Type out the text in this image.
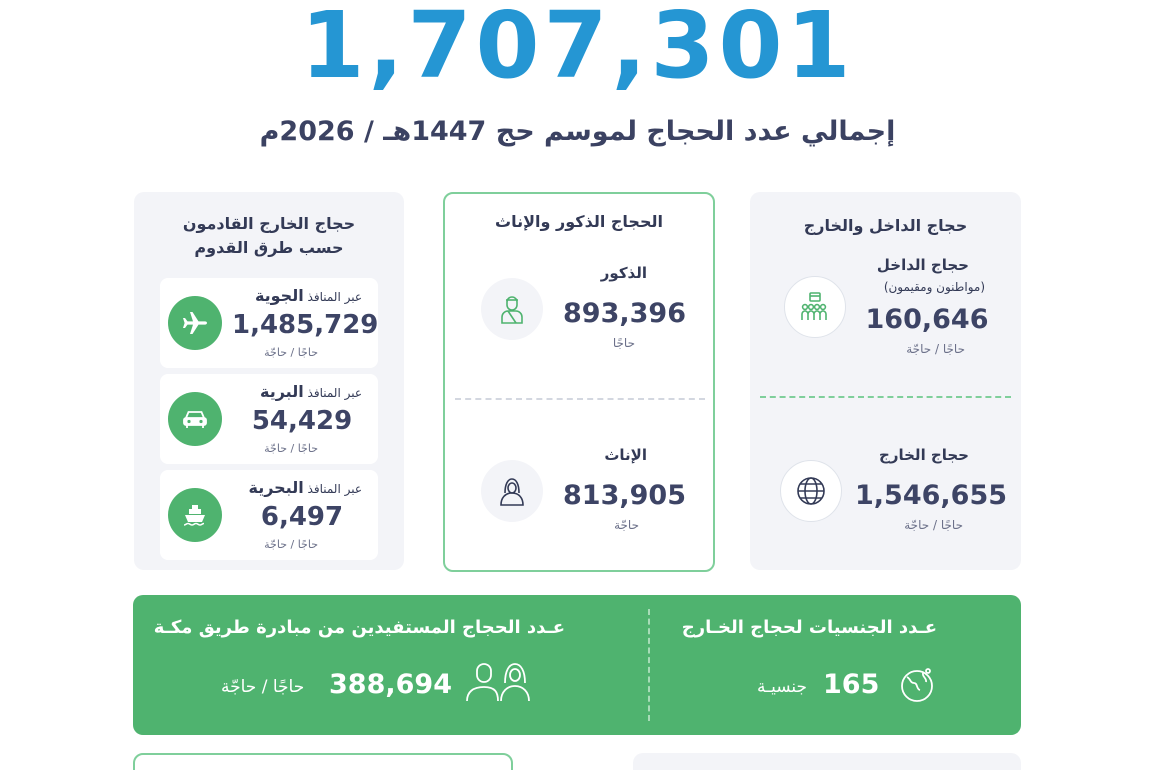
1,707,301
إجمالي عدد الحجاج لموسم حج 1447هـ / 2026م
حجاج الداخل والخارج
حجاج الداخل
(مواطنون ومقيمون)
160,646
حاجًا / حاجّة
حجاج الخارج
1,546,655
حاجًا / حاجّة
الحجاج الذكور والإناث
الذكور
893,396
حاجًا
الإناث
813,905
حاجّة
حجاج الخارج القادمون
حسب طرق القدوم
عبر المنافذ الجوية
1,485,729
حاجًا / حاجّة
عبر المنافذ البرية
54,429
حاجًا / حاجّة
عبر المنافذ البحرية
6,497
حاجًا / حاجّة
عـدد الجنسيات لحجاج الخـارج
165
جنسيـة
عـدد الحجاج المستفيدين من مبادرة طريق مكـة
388,694
حاجًا / حاجّة
